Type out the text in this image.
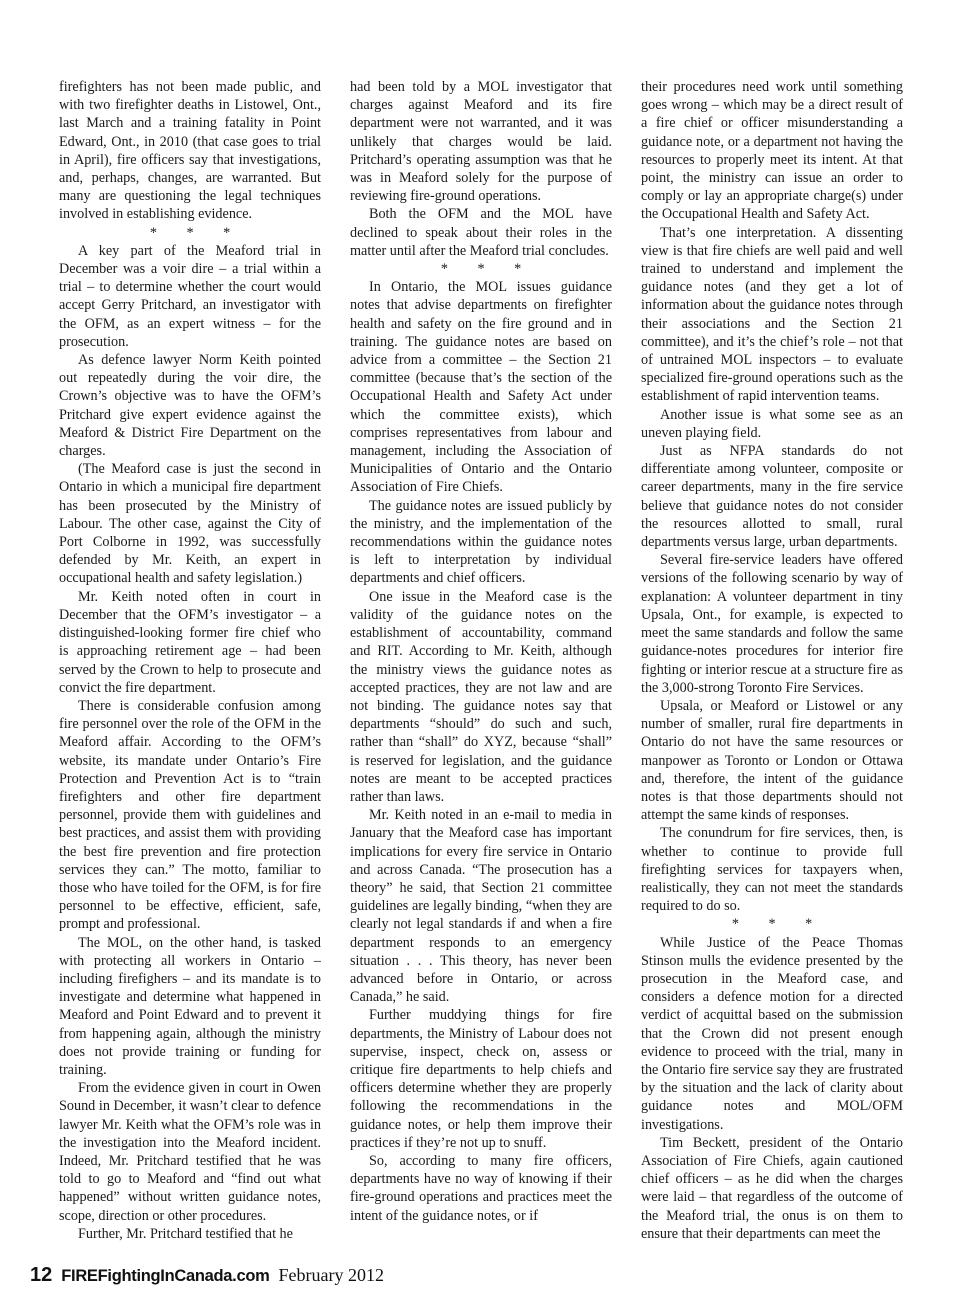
firefighters has not been made public, and with two firefighter deaths in Listowel, Ont., last March and a training fatality in Point Edward, Ont., in 2010 (that case goes to trial in April), fire officers say that investigations, and, perhaps, changes, are warranted. But many are questioning the legal techniques involved in establishing evidence.

* * *

A key part of the Meaford trial in December was a voir dire – a trial within a trial – to determine whether the court would accept Gerry Pritchard, an investigator with the OFM, as an expert witness – for the prosecution.

As defence lawyer Norm Keith pointed out repeatedly during the voir dire, the Crown’s objective was to have the OFM’s Pritchard give expert evidence against the Meaford & District Fire Department on the charges.

(The Meaford case is just the second in Ontario in which a municipal fire department has been prosecuted by the Ministry of Labour. The other case, against the City of Port Colborne in 1992, was successfully defended by Mr. Keith, an expert in occupational health and safety legislation.)

Mr. Keith noted often in court in December that the OFM’s investigator – a distinguished-looking former fire chief who is approaching retirement age – had been served by the Crown to help to prosecute and convict the fire department.

There is considerable confusion among fire personnel over the role of the OFM in the Meaford affair. According to the OFM’s website, its mandate under Ontario’s Fire Protection and Prevention Act is to “train firefighters and other fire department personnel, provide them with guidelines and best practices, and assist them with providing the best fire prevention and fire protection services they can.” The motto, familiar to those who have toiled for the OFM, is for fire personnel to be effective, efficient, safe, prompt and professional.

The MOL, on the other hand, is tasked with protecting all workers in Ontario – including firefighers – and its mandate is to investigate and determine what happened in Meaford and Point Edward and to prevent it from happening again, although the ministry does not provide training or funding for training.

From the evidence given in court in Owen Sound in December, it wasn’t clear to defence lawyer Mr. Keith what the OFM’s role was in the investigation into the Meaford incident. Indeed, Mr. Pritchard testified that he was told to go to Meaford and “find out what happened” without written guidance notes, scope, direction or other procedures.

Further, Mr. Pritchard testified that he

had been told by a MOL investigator that charges against Meaford and its fire department were not warranted, and it was unlikely that charges would be laid. Pritchard’s operating assumption was that he was in Meaford solely for the purpose of reviewing fire-ground operations.

Both the OFM and the MOL have declined to speak about their roles in the matter until after the Meaford trial concludes.

* * *

In Ontario, the MOL issues guidance notes that advise departments on firefighter health and safety on the fire ground and in training. The guidance notes are based on advice from a committee – the Section 21 committee (because that’s the section of the Occupational Health and Safety Act under which the committee exists), which comprises representatives from labour and management, including the Association of Municipalities of Ontario and the Ontario Association of Fire Chiefs.

The guidance notes are issued publicly by the ministry, and the implementation of the recommendations within the guidance notes is left to interpretation by individual departments and chief officers.

One issue in the Meaford case is the validity of the guidance notes on the establishment of accountability, command and RIT. According to Mr. Keith, although the ministry views the guidance notes as accepted practices, they are not law and are not binding. The guidance notes say that departments “should” do such and such, rather than “shall” do XYZ, because “shall” is reserved for legislation, and the guidance notes are meant to be accepted practices rather than laws.

Mr. Keith noted in an e-mail to media in January that the Meaford case has important implications for every fire service in Ontario and across Canada. “The prosecution has a theory” he said, that Section 21 committee guidelines are legally binding, “when they are clearly not legal standards if and when a fire department responds to an emergency situation . . . This theory, has never been advanced before in Ontario, or across Canada,” he said.

Further muddying things for fire departments, the Ministry of Labour does not supervise, inspect, check on, assess or critique fire departments to help chiefs and officers determine whether they are properly following the recommendations in the guidance notes, or help them improve their practices if they’re not up to snuff.

So, according to many fire officers, departments have no way of knowing if their fire-ground operations and practices meet the intent of the guidance notes, or if

their procedures need work until something goes wrong – which may be a direct result of a fire chief or officer misunderstanding a guidance note, or a department not having the resources to properly meet its intent. At that point, the ministry can issue an order to comply or lay an appropriate charge(s) under the Occupational Health and Safety Act.

That’s one interpretation. A dissenting view is that fire chiefs are well paid and well trained to understand and implement the guidance notes (and they get a lot of information about the guidance notes through their associations and the Section 21 committee), and it’s the chief’s role – not that of untrained MOL inspectors – to evaluate specialized fire-ground operations such as the establishment of rapid intervention teams.

Another issue is what some see as an uneven playing field.

Just as NFPA standards do not differentiate among volunteer, composite or career departments, many in the fire service believe that guidance notes do not consider the resources allotted to small, rural departments versus large, urban departments.

Several fire-service leaders have offered versions of the following scenario by way of explanation: A volunteer department in tiny Upsala, Ont., for example, is expected to meet the same standards and follow the same guidance-notes procedures for interior fire fighting or interior rescue at a structure fire as the 3,000-strong Toronto Fire Services.

Upsala, or Meaford or Listowel or any number of smaller, rural fire departments in Ontario do not have the same resources or manpower as Toronto or London or Ottawa and, therefore, the intent of the guidance notes is that those departments should not attempt the same kinds of responses.

The conundrum for fire services, then, is whether to continue to provide full firefighting services for taxpayers when, realistically, they can not meet the standards required to do so.

* * *

While Justice of the Peace Thomas Stinson mulls the evidence presented by the prosecution in the Meaford case, and considers a defence motion for a directed verdict of acquittal based on the submission that the Crown did not present enough evidence to proceed with the trial, many in the Ontario fire service say they are frustrated by the situation and the lack of clarity about guidance notes and MOL/OFM investigations.

Tim Beckett, president of the Ontario Association of Fire Chiefs, again cautioned chief officers – as he did when the charges were laid – that regardless of the outcome of the Meaford trial, the onus is on them to ensure that their departments can meet the

12 FIREFightingInCanada.com February 2012
